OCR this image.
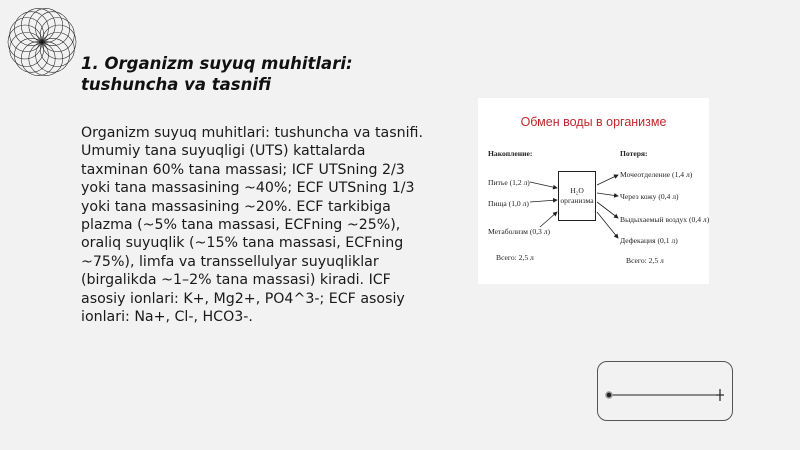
1. Organizm suyuq muhitlari: tushuncha va tasnifi
Organizm suyuq muhitlari: tushuncha va tasnifi. Umumiy tana suyuqligi (UTS) kattalarda taxminan 60% tana massasi; ICF UTSning 2/3 yoki tana massasining ~40%; ECF UTSning 1/3 yoki tana massasining ~20%. ECF tarkibiga plazma (~5% tana massasi, ECFning ~25%), oraliq suyuqlik (~15% tana massasi, ECFning ~75%), limfa va transsellulyar suyuqliklar (birgalikda ~1–2% tana massasi) kiradi. ICF asosiy ionlari: K+, Mg2+, PO4^3-; ECF asosiy ionlari: Na+, Cl-, HCO3-.
Обмен воды в организме
Накопление:	Потеря:
Питье (1,2 л)
Пища (1,0 л)
Метаболизм (0,3 л)
Всего: 2,5 л
H₂O
организма
Мочеотделение (1,4 л)
Через кожу (0,4 л)
Выдыхаемый воздух (0,4 л)
Дефекация (0,1 л)
Всего: 2,5 л
